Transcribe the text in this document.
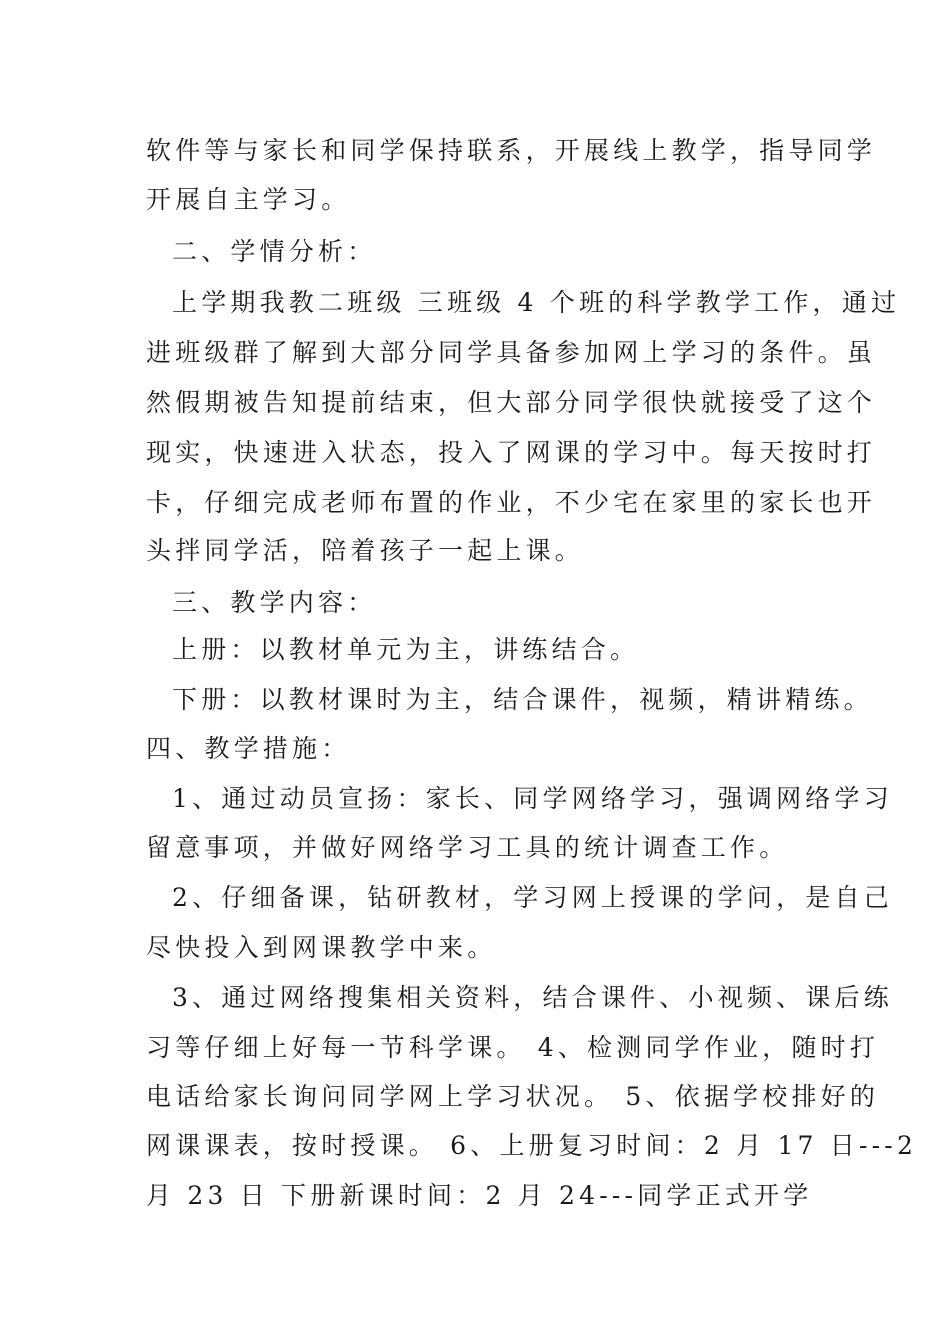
软件等与家长和同学保持联系，开展线上教学，指导同学
开展自主学习。
二、学情分析：
上学期我教二班级 三班级 4 个班的科学教学工作，通过
进班级群了解到大部分同学具备参加网上学习的条件。虽
然假期被告知提前结束，但大部分同学很快就接受了这个
现实，快速进入状态，投入了网课的学习中。每天按时打
卡，仔细完成老师布置的作业，不少宅在家里的家长也开
头拌同学活，陪着孩子一起上课。
三、教学内容：
上册：以教材单元为主，讲练结合。
下册：以教材课时为主，结合课件，视频，精讲精练。
四、教学措施：
1、通过动员宣扬：家长、同学网络学习，强调网络学习
留意事项，并做好网络学习工具的统计调查工作。
2、仔细备课，钻研教材，学习网上授课的学问，是自己
尽快投入到网课教学中来。
3、通过网络搜集相关资料，结合课件、小视频、课后练
习等仔细上好每一节科学课。 4、检测同学作业，随时打
电话给家长询问同学网上学习状况。 5、依据学校排好的
网课课表，按时授课。 6、上册复习时间：2 月 17 日---2
月 23 日 下册新课时间：2 月 24---同学正式开学
